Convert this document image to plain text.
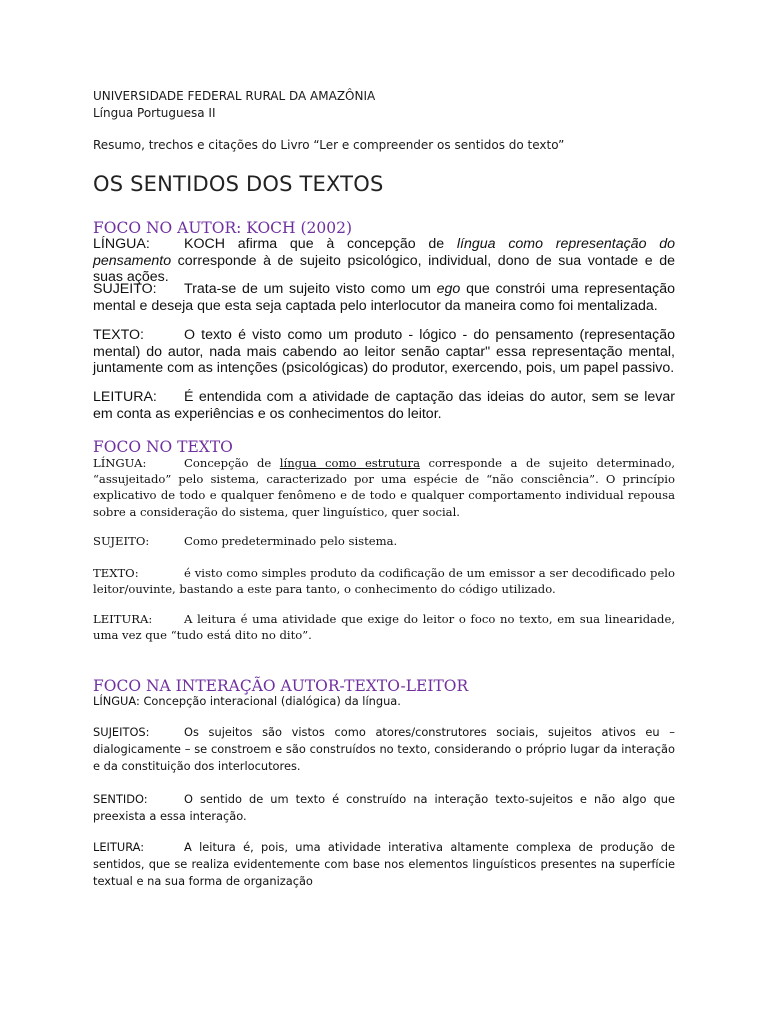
UNIVERSIDADE FEDERAL RURAL DA AMAZÔNIA
Língua Portuguesa II
Resumo, trechos e citações do Livro “Ler e compreender os sentidos do texto”
OS SENTIDOS DOS TEXTOS
FOCO NO AUTOR: KOCH (2002)
LÍNGUA: KOCH afirma que à concepção de língua como representação do pensamento corresponde à de sujeito psicológico, individual, dono de sua vontade e de suas ações.
SUJEITO: Trata-se de um sujeito visto como um ego que constrói uma representação mental e deseja que esta seja captada pelo interlocutor da maneira como foi mentalizada.
TEXTO:	O texto é visto como um produto - lógico - do pensamento (representação mental) do autor, nada mais cabendo ao leitor senão captar" essa representação mental, juntamente com as intenções (psicológicas) do produtor, exercendo, pois, um papel passivo.
LEITURA: É entendida com a atividade de captação das ideias do autor, sem se levar em conta as experiências e os conhecimentos do leitor.
FOCO NO TEXTO
LÍNGUA:	Concepção de língua como estrutura corresponde a de sujeito determinado, “assujeitado” pelo sistema, caracterizado por uma espécie de “não consciência”. O princípio explicativo de todo e qualquer fenômeno e de todo e qualquer comportamento individual repousa sobre a consideração do sistema, quer linguístico, quer social.
SUJEITO:	Como predeterminado pelo sistema.
TEXTO:	é visto como simples produto da codificação de um emissor a ser decodificado pelo leitor/ouvinte, bastando a este para tanto, o conhecimento do código utilizado.
LEITURA:	A leitura é uma atividade que exige do leitor o foco no texto, em sua linearidade, uma vez que “tudo está dito no dito”.
FOCO NA INTERAÇÃO AUTOR-TEXTO-LEITOR
LÍNGUA: Concepção interacional (dialógica) da língua.
SUJEITOS:	Os sujeitos são vistos como atores/construtores sociais, sujeitos ativos eu – dialogicamente – se constroem e são construídos no texto, considerando o próprio lugar da interação e da constituição dos interlocutores.
SENTIDO:	O sentido de um texto é construído na interação texto-sujeitos e não algo que preexista a essa interação.
LEITURA:	A leitura é, pois, uma atividade interativa altamente complexa de produção de sentidos, que se realiza evidentemente com base nos elementos linguísticos presentes na superfície textual e na sua forma de organização
